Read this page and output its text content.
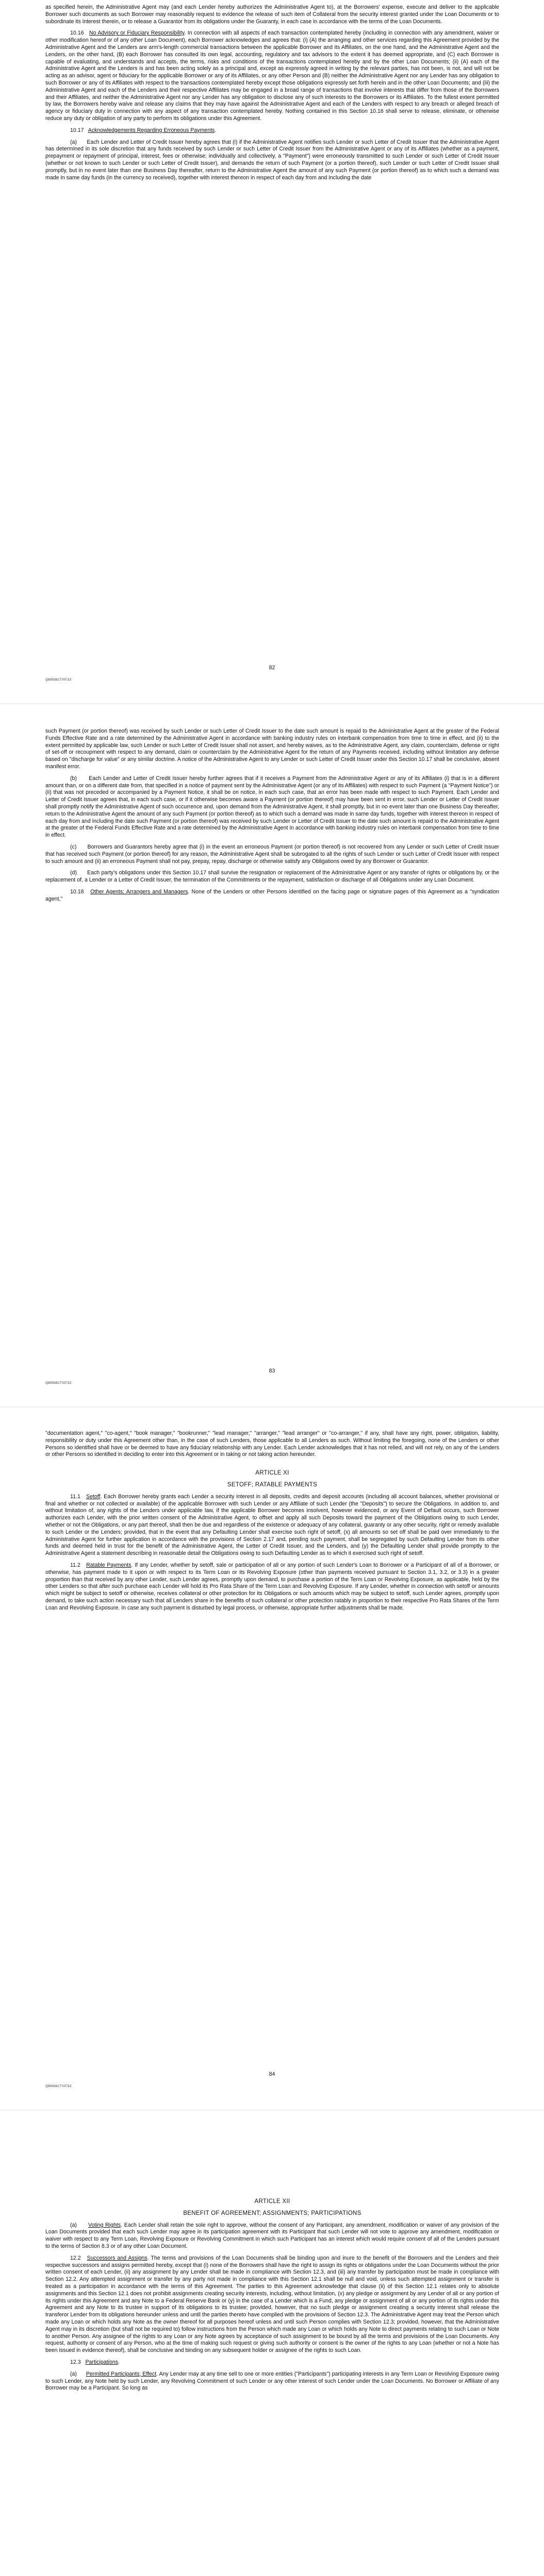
as specified herein, the Administrative Agent may (and each Lender hereby authorizes the Administrative Agent to), at the Borrowers' expense, execute and deliver to the applicable Borrower such documents as such Borrower may reasonably request to evidence the release of such item of Collateral from the security interest granted under the Loan Documents or to subordinate its interest therein, or to release a Guarantor from its obligations under the Guaranty, in each case in accordance with the terms of the Loan Documents.

10.16 No Advisory or Fiduciary Responsibility. In connection with all aspects of each transaction contemplated hereby (including in connection with any amendment, waiver or other modification hereof or of any other Loan Document), each Borrower acknowledges and agrees that: (i) (A) the arranging and other services regarding this Agreement provided by the Administrative Agent and the Lenders are arm's-length commercial transactions between the applicable Borrower and its Affiliates, on the one hand, and the Administrative Agent and the Lenders, on the other hand, (B) each Borrower has consulted its own legal, accounting, regulatory and tax advisors to the extent it has deemed appropriate, and (C) each Borrower is capable of evaluating, and understands and accepts, the terms, risks and conditions of the transactions contemplated hereby and by the other Loan Documents; (ii) (A) each of the Administrative Agent and the Lenders is and has been acting solely as a principal and, except as expressly agreed in writing by the relevant parties, has not been, is not, and will not be acting as an advisor, agent or fiduciary for the applicable Borrower or any of its Affiliates, or any other Person and (B) neither the Administrative Agent nor any Lender has any obligation to such Borrower or any of its Affiliates with respect to the transactions contemplated hereby except those obligations expressly set forth herein and in the other Loan Documents; and (iii) the Administrative Agent and each of the Lenders and their respective Affiliates may be engaged in a broad range of transactions that involve interests that differ from those of the Borrowers and their Affiliates, and neither the Administrative Agent nor any Lender has any obligation to disclose any of such interests to the Borrowers or its Affiliates. To the fullest extent permitted by law, the Borrowers hereby waive and release any claims that they may have against the Administrative Agent and each of the Lenders with respect to any breach or alleged breach of agency or fiduciary duty in connection with any aspect of any transaction contemplated hereby. Nothing contained in this Section 10.16 shall serve to release, eliminate, or otherwise reduce any duty or obligation of any party to perform its obligations under this Agreement.

10.17 Acknowledgements Regarding Erroneous Payments.

(a) Each Lender and Letter of Credit Issuer hereby agrees that (i) if the Administrative Agent notifies such Lender or such Letter of Credit Issuer that the Administrative Agent has determined in its sole discretion that any funds received by such Lender or such Letter of Credit Issuer from the Administrative Agent or any of its Affiliates (whether as a payment, prepayment or repayment of principal, interest, fees or otherwise; individually and collectively, a "Payment") were erroneously transmitted to such Lender or such Letter of Credit Issuer (whether or not known to such Lender or such Letter of Credit Issuer), and demands the return of such Payment (or a portion thereof), such Lender or such Letter of Credit Issuer shall promptly, but in no event later than one Business Day thereafter, return to the Administrative Agent the amount of any such Payment (or portion thereof) as to which such a demand was made in same day funds (in the currency so received), together with interest thereon in respect of each day from and including the date

82
Q80938177AT.53

such Payment (or portion thereof) was received by such Lender or such Letter of Credit Issuer to the date such amount is repaid to the Administrative Agent at the greater of the Federal Funds Effective Rate and a rate determined by the Administrative Agent in accordance with banking industry rules on interbank compensation from time to time in effect, and (ii) to the extent permitted by applicable law, such Lender or such Letter of Credit Issuer shall not assert, and hereby waives, as to the Administrative Agent, any claim, counterclaim, defense or right of set-off or recoupment with respect to any demand, claim or counterclaim by the Administrative Agent for the return of any Payments received, including without limitation any defense based on "discharge for value" or any similar doctrine. A notice of the Administrative Agent to any Lender or such Letter of Credit Issuer under this Section 10.17 shall be conclusive, absent manifest error.

(b) Each Lender and Letter of Credit Issuer hereby further agrees that if it receives a Payment from the Administrative Agent or any of its Affiliates (i) that is in a different amount than, or on a different date from, that specified in a notice of payment sent by the Administrative Agent (or any of its Affiliates) with respect to such Payment (a "Payment Notice") or (ii) that was not preceded or accompanied by a Payment Notice, it shall be on notice, in each such case, that an error has been made with respect to such Payment. Each Lender and Letter of Credit Issuer agrees that, in each such case, or if it otherwise becomes aware a Payment (or portion thereof) may have been sent in error, such Lender or Letter of Credit Issuer shall promptly notify the Administrative Agent of such occurrence and, upon demand from the Administrative Agent, it shall promptly, but in no event later than one Business Day thereafter, return to the Administrative Agent the amount of any such Payment (or portion thereof) as to which such a demand was made in same day funds, together with interest thereon in respect of each day from and including the date such Payment (or portion thereof) was received by such Lender or Letter of Credit Issuer to the date such amount is repaid to the Administrative Agent at the greater of the Federal Funds Effective Rate and a rate determined by the Administrative Agent in accordance with banking industry rules on interbank compensation from time to time in effect.

(c) Borrowers and Guarantors hereby agree that (i) in the event an erroneous Payment (or portion thereof) is not recovered from any Lender or such Letter of Credit Issuer that has received such Payment (or portion thereof) for any reason, the Administrative Agent shall be subrogated to all the rights of such Lender or such Letter of Credit Issuer with respect to such amount and (ii) an erroneous Payment shall not pay, prepay, repay, discharge or otherwise satisfy any Obligations owed by any Borrower or Guarantor.

(d) Each party's obligations under this Section 10.17 shall survive the resignation or replacement of the Administrative Agent or any transfer of rights or obligations by, or the replacement of, a Lender or a Letter of Credit Issuer, the termination of the Commitments or the repayment, satisfaction or discharge of all Obligations under any Loan Document.

10.18 Other Agents; Arrangers and Managers. None of the Lenders or other Persons identified on the facing page or signature pages of this Agreement as a "syndication agent,"

83
Q80938177AT.53

"documentation agent," "co-agent," "book manager," "bookrunner," "lead manager," "arranger," "lead arranger" or "co-arranger," if any, shall have any right, power, obligation, liability, responsibility or duty under this Agreement other than, in the case of such Lenders, those applicable to all Lenders as such. Without limiting the foregoing, none of the Lenders or other Persons so identified shall have or be deemed to have any fiduciary relationship with any Lender. Each Lender acknowledges that it has not relied, and will not rely, on any of the Lenders or other Persons so identified in deciding to enter into this Agreement or in taking or not taking action hereunder.

ARTICLE XI

SETOFF; RATABLE PAYMENTS

11.1 Setoff. Each Borrower hereby grants each Lender a security interest in all deposits, credits and deposit accounts (including all account balances, whether provisional or final and whether or not collected or available) of the applicable Borrower with such Lender or any Affiliate of such Lender (the "Deposits") to secure the Obligations. In addition to, and without limitation of, any rights of the Lenders under applicable law, if the applicable Borrower becomes insolvent, however evidenced, or any Event of Default occurs, such Borrower authorizes each Lender, with the prior written consent of the Administrative Agent, to offset and apply all such Deposits toward the payment of the Obligations owing to such Lender, whether or not the Obligations, or any part thereof, shall then be due and regardless of the existence or adequacy of any collateral, guaranty or any other security, right or remedy available to such Lender or the Lenders; provided, that in the event that any Defaulting Lender shall exercise such right of setoff, (x) all amounts so set off shall be paid over immediately to the Administrative Agent for further application in accordance with the provisions of Section 2.17 and, pending such payment, shall be segregated by such Defaulting Lender from its other funds and deemed held in trust for the benefit of the Administrative Agent, the Letter of Credit Issuer, and the Lenders, and (y) the Defaulting Lender shall provide promptly to the Administrative Agent a statement describing in reasonable detail the Obligations owing to such Defaulting Lender as to which it exercised such right of setoff.

11.2 Ratable Payments. If any Lender, whether by setoff, sale or participation of all or any portion of such Lender's Loan to Borrower or a Participant of all of a Borrower, or otherwise, has payment made to it upon or with respect to its Term Loan or its Revolving Exposure (other than payments received pursuant to Section 3.1, 3.2, or 3.3) in a greater proportion than that received by any other Lender, such Lender agrees, promptly upon demand, to purchase a portion of the Term Loan or Revolving Exposure, as applicable, held by the other Lenders so that after such purchase each Lender will hold its Pro Rata Share of the Term Loan and Revolving Exposure. If any Lender, whether in connection with setoff or amounts which might be subject to setoff or otherwise, receives collateral or other protection for its Obligations or such amounts which may be subject to setoff, such Lender agrees, promptly upon demand, to take such action necessary such that all Lenders share in the benefits of such collateral or other protection ratably in proportion to their respective Pro Rata Shares of the Term Loan and Revolving Exposure. In case any such payment is disturbed by legal process, or otherwise, appropriate further adjustments shall be made.

84
Q80938177AT.53

ARTICLE XII

BENEFIT OF AGREEMENT; ASSIGNMENTS; PARTICIPATIONS

(a) Voting Rights. Each Lender shall retain the sole right to approve, without the consent of any Participant, any amendment, modification or waiver of any provision of the Loan Documents provided that each such Lender may agree in its participation agreement with its Participant that such Lender will not vote to approve any amendment, modification or waiver with respect to any Term Loan, Revolving Exposure or Revolving Commitment in which such Participant has an interest which would require consent of all of the Lenders pursuant to the terms of Section 8.3 or of any other Loan Document.

12.2 Successors and Assigns. The terms and provisions of the Loan Documents shall be binding upon and inure to the benefit of the Borrowers and the Lenders and their respective successors and assigns permitted hereby, except that (i) none of the Borrowers shall have the right to assign its rights or obligations under the Loan Documents without the prior written consent of each Lender, (ii) any assignment by any Lender shall be made in compliance with Section 12.3, and (iii) any transfer by participation must be made in compliance with Section 12.2. Any attempted assignment or transfer by any party not made in compliance with this Section 12.1 shall be null and void, unless such attempted assignment or transfer is treated as a participation in accordance with the terms of this Agreement. The parties to this Agreement acknowledge that clause (ii) of this Section 12.1 relates only to absolute assignments and this Section 12.1 does not prohibit assignments creating security interests, including, without limitation, (x) any pledge or assignment by any Lender of all or any portion of its rights under this Agreement and any Note to a Federal Reserve Bank or (y) in the case of a Lender which is a Fund, any pledge or assignment of all or any portion of its rights under this Agreement and any Note to its trustee in support of its obligations to its trustee; provided, however, that no such pledge or assignment creating a security interest shall release the transferor Lender from its obligations hereunder unless and until the parties thereto have complied with the provisions of Section 12.3. The Administrative Agent may treat the Person which made any Loan or which holds any Note as the owner thereof for all purposes hereof unless and until such Person complies with Section 12.3; provided, however, that the Administrative Agent may in its discretion (but shall not be required to) follow instructions from the Person which made any Loan or which holds any Note to direct payments relating to such Loan or Note to another Person. Any assignee of the rights to any Loan or any Note agrees by acceptance of such assignment to be bound by all the terms and provisions of the Loan Documents. Any request, authority or consent of any Person, who at the time of making such request or giving such authority or consent is the owner of the rights to any Loan (whether or not a Note has been issued in evidence thereof), shall be conclusive and binding on any subsequent holder or assignee of the rights to such Loan.

12.3 Participations.

(a) Permitted Participants; Effect. Any Lender may at any time sell to one or more entities ("Participants") participating interests in any Term Loan or Revolving Exposure owing to such Lender, any Note held by such Lender, any Revolving Commitment of such Lender or any other interest of such Lender under the Loan Documents. No Borrower or Affiliate of any Borrower may be a Participant. So long as
